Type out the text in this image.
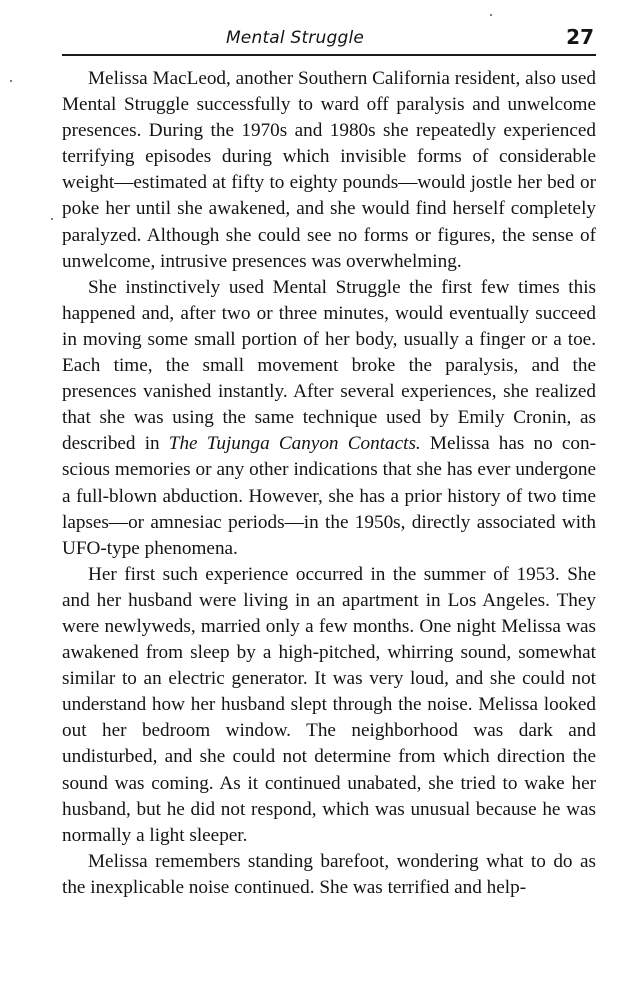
Mental Struggle	27

Melissa MacLeod, another Southern California resident, also used Mental Struggle successfully to ward off paralysis and unwelcome presences. During the 1970s and 1980s she repeatedly experienced terrifying episodes during which invisible forms of considerable weight—estimated at fifty to eighty pounds—would jostle her bed or poke her until she awakened, and she would find herself completely paralyzed. Although she could see no forms or figures, the sense of unwelcome, intrusive presences was overwhelming.

She instinctively used Mental Struggle the first few times this happened and, after two or three minutes, would eventually succeed in moving some small portion of her body, usually a finger or a toe. Each time, the small movement broke the paralysis, and the presences vanished instantly. After several experiences, she realized that she was using the same technique used by Emily Cronin, as described in The Tujunga Canyon Contacts. Melissa has no conscious memories or any other indications that she has ever undergone a full-blown abduction. However, she has a prior history of two time lapses—or amnesiac periods—in the 1950s, directly associated with UFO-type phenomena.

Her first such experience occurred in the summer of 1953. She and her husband were living in an apartment in Los Angeles. They were newlyweds, married only a few months. One night Melissa was awakened from sleep by a high-pitched, whirring sound, somewhat similar to an electric generator. It was very loud, and she could not understand how her husband slept through the noise. Melissa looked out her bedroom window. The neighborhood was dark and undisturbed, and she could not determine from which direction the sound was coming. As it continued unabated, she tried to wake her husband, but he did not respond, which was unusual because he was normally a light sleeper.

Melissa remembers standing barefoot, wondering what to do as the inexplicable noise continued. She was terrified and help-
